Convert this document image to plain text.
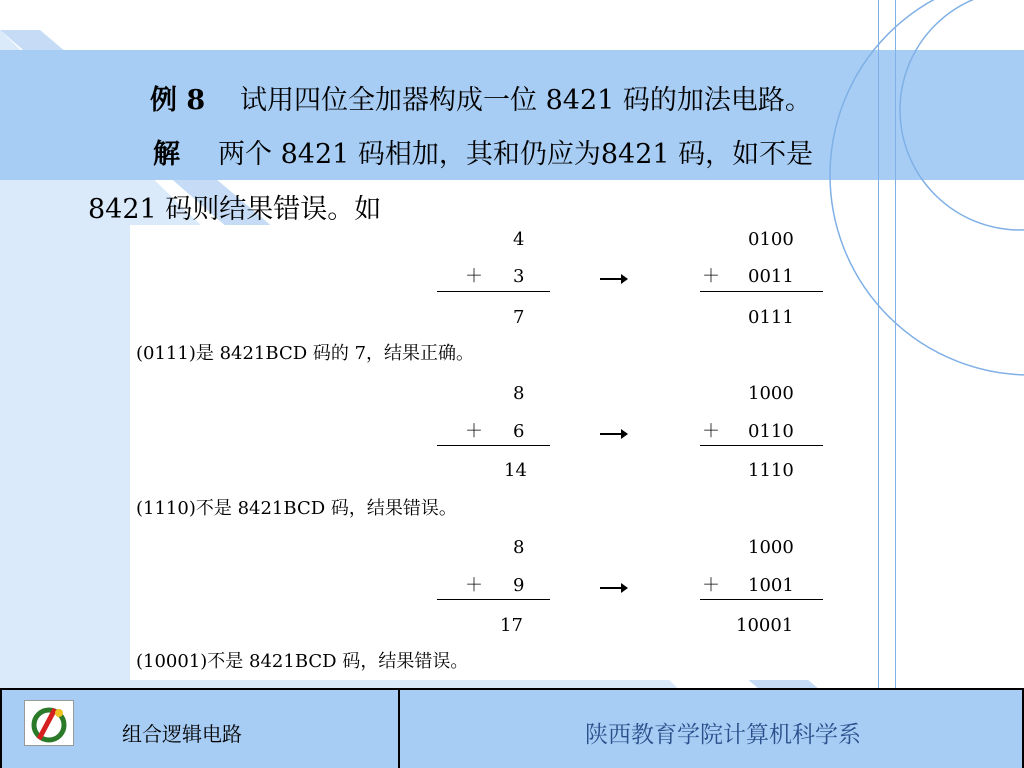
例 8 试用四位全加器构成一位 8421 码的加法电路。
解 两个 8421 码相加，其和仍应为8421 码，如不是
8421 码则结果错误。如
4	0100
＋ 3	＋ 0011
7	0111
(0111)是 8421BCD 码的 7，结果正确。
8	1000
＋ 6	＋ 0110
14	1110
(1110)不是 8421BCD 码，结果错误。
8	1000
＋ 9	＋ 1001
17	10001
(10001)不是 8421BCD 码，结果错误。
组合逻辑电路	陕西教育学院计算机科学系
